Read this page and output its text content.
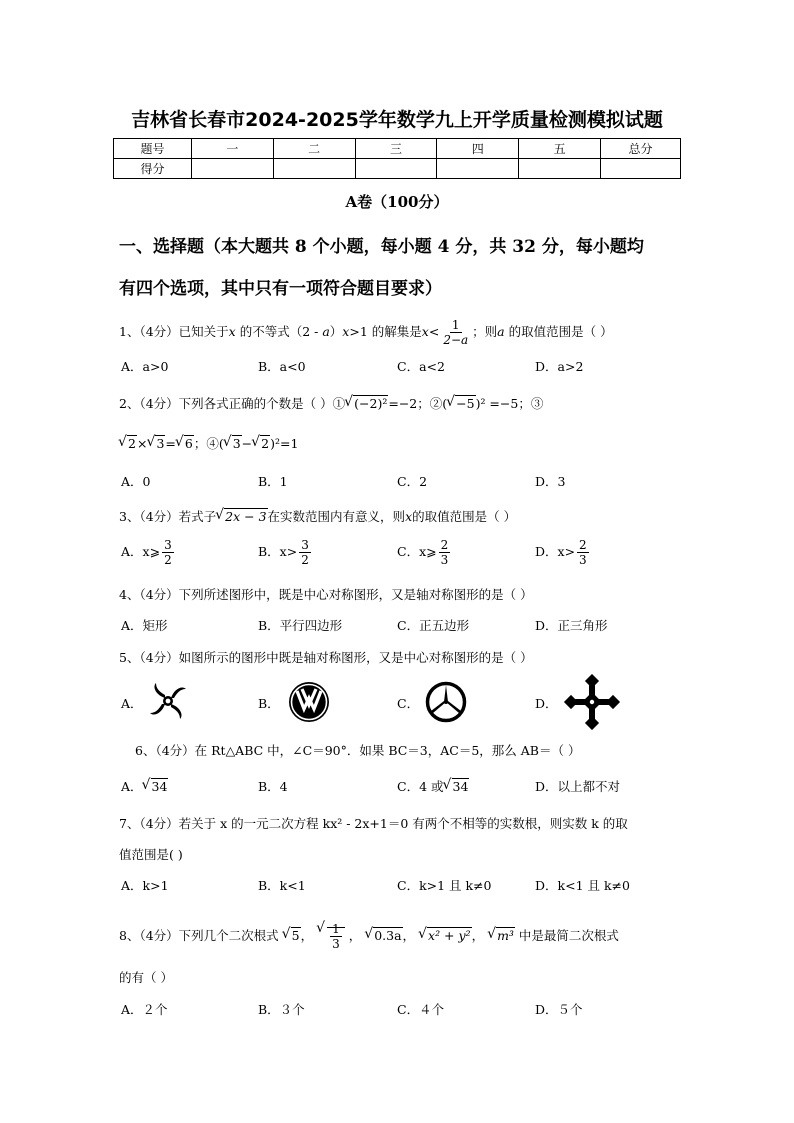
吉林省长春市2024-2025学年数学九上开学质量检测模拟试题
题号	一	二	三	四	五	总分
得分						
A卷（100分）
一、选择题（本大题共 8 个小题，每小题 4 分，共 32 分，每小题均
有四个选项，其中只有一项符合题目要求）
1、（4分）已知关于x 的不等式（2 - a）x>1 的解集是$x< \frac{1}{2-a}$ ；则a 的取值范围是（ ）
A．a>0	B．a<0	C．a<2	D．a>2
2、（4分）下列各式正确的个数是（ ）① √ (−2)²=−2；②( √ −5)² =−5；③
√ 2× √ 3= √ 6；④( √ 3− √ 2)²=1
A．0	B．1	C．2	D．3
3、（4分）若式子 √ 2x − 3在实数范围内有意义，则x的取值范围是（ ）
A．x⩾ $\frac{3}{2}$	B．$x> \frac{3}{2}$	C．x⩾ $\frac{2}{3}$	D．$x> \frac{2}{3}$
4、（4分）下列所述图形中，既是中心对称图形，又是轴对称图形的是（ ）
A．矩形	B．平行四边形	C．正五边形	D．正三角形
5、（4分）如图所示的图形中既是轴对称图形，又是中心对称图形的是（ ）
A．	B．	C．	D．
6、（4分）在 Rt△ABC 中，∠C＝90°．如果 BC＝3，AC＝5，那么 AB＝（ ）
A． √ 34	B．4	C．4 或 √ 34	D．以上都不对
7、（4分）若关于 x 的一元二次方程 kx² - 2x+1＝0 有两个不相等的实数根，则实数 k 的取
值范围是( )
A．k>1	B．k<1	C．k>1 且 k≠0	D．k<1 且 k≠0
8、（4分）下列几个二次根式 √ 5， √ $\frac{1}{3}$ ， √ 0.3a， √ x² + y²， √ m³ 中是最简二次根式
的有（ ）
A．２个	B．３个	C．４个	D．５个
